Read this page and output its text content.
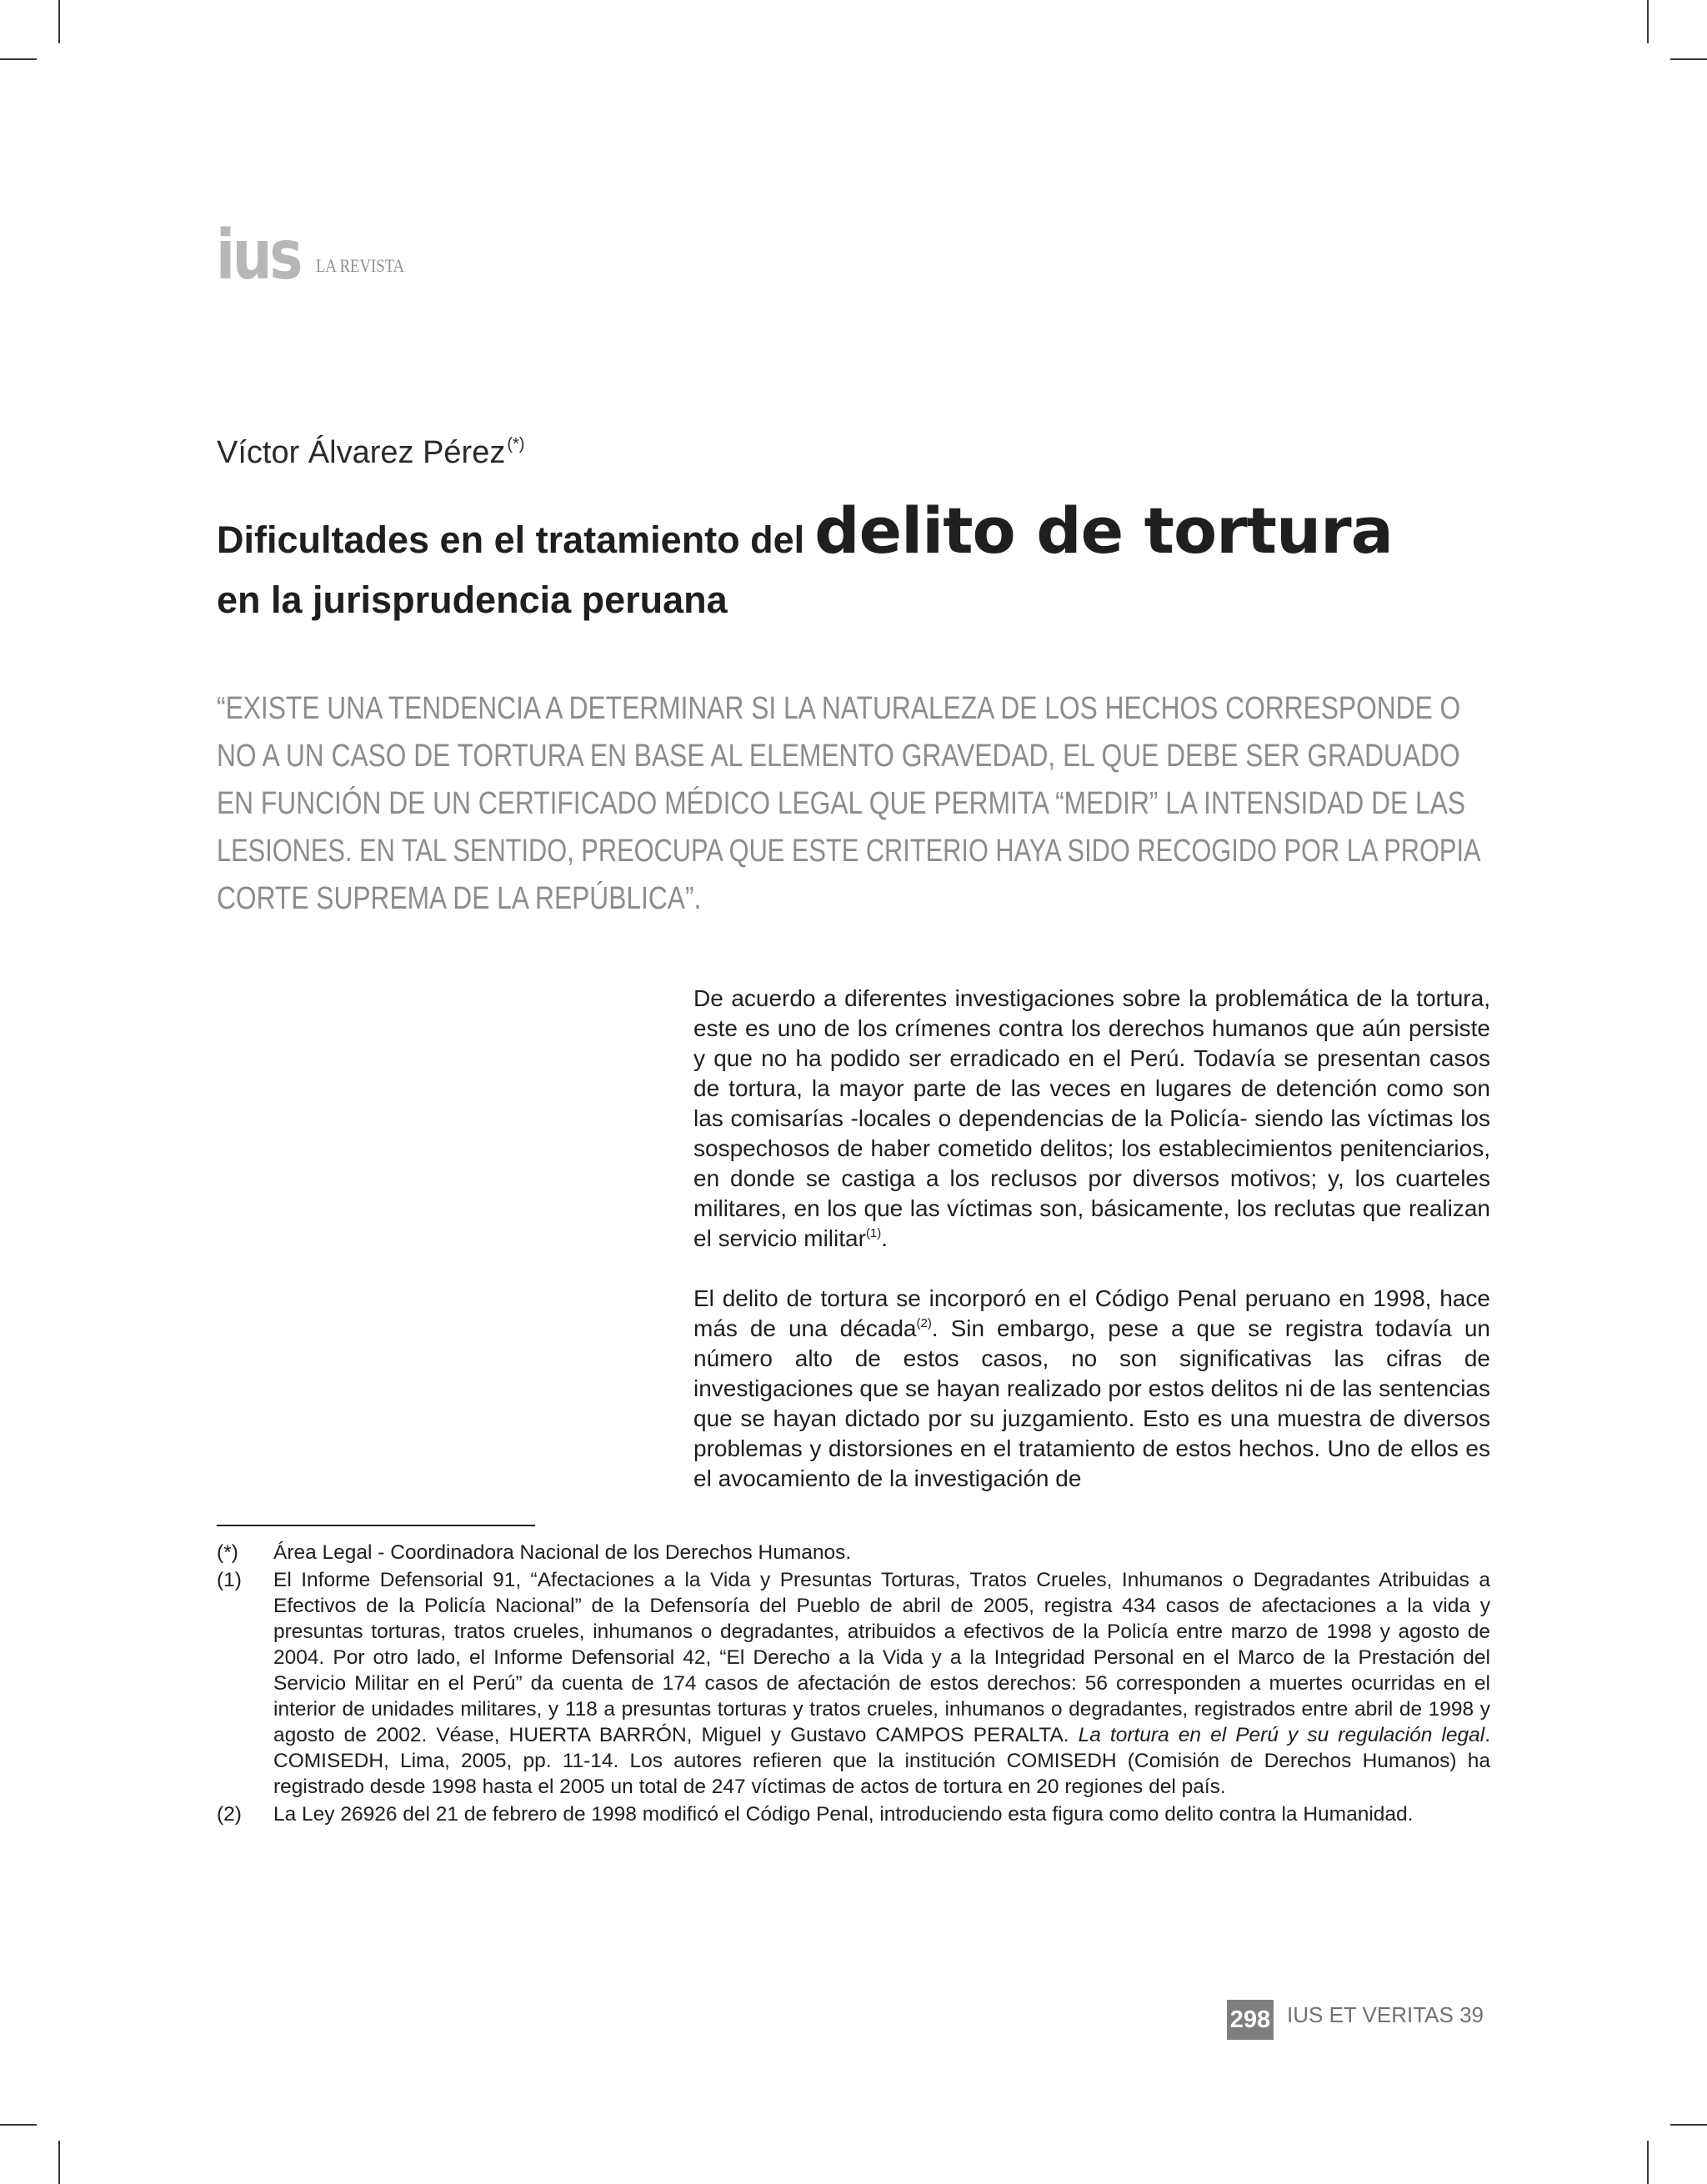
ius LA REVISTA
Víctor Álvarez Pérez (*)
Dificultades en el tratamiento del delito de tortura
en la jurisprudencia peruana
“EXISTE UNA TENDENCIA A DETERMINAR SI LA NATURALEZA DE LOS HECHOS CORRESPONDE O
NO A UN CASO DE TORTURA EN BASE AL ELEMENTO GRAVEDAD, EL QUE DEBE SER GRADUADO
EN FUNCIÓN DE UN CERTIFICADO MÉDICO LEGAL QUE PERMITA “MEDIR” LA INTENSIDAD DE LAS
LESIONES. EN TAL SENTIDO, PREOCUPA QUE ESTE CRITERIO HAYA SIDO RECOGIDO POR LA PROPIA
CORTE SUPREMA DE LA REPÚBLICA”.

De acuerdo a diferentes investigaciones sobre la problemática de la tortura, este es uno de los crímenes contra los derechos humanos que aún persiste y que no ha podido ser erradicado en el Perú. Todavía se presentan casos de tortura, la mayor parte de las veces en lugares de detención como son las comisarías -locales o dependencias de la Policía- siendo las víctimas los sospechosos de haber cometido delitos; los establecimientos penitenciarios, en donde se castiga a los reclusos por diversos motivos; y, los cuarteles militares, en los que las víctimas son, básicamente, los reclutas que realizan el servicio militar$^{(1)}$.

El delito de tortura se incorporó en el Código Penal peruano en 1998, hace más de una década$^{(2)}$. Sin embargo, pese a que se registra todavía un número alto de estos casos, no son significativas las cifras de investigaciones que se hayan realizado por estos delitos ni de las sentencias que se hayan dictado por su juzgamiento. Esto es una muestra de diversos problemas y distorsiones en el tratamiento de estos hechos. Uno de ellos es el avocamiento de la investigación de

(*) Área Legal - Coordinadora Nacional de los Derechos Humanos.
(1) El Informe Defensorial 91, “Afectaciones a la Vida y Presuntas Torturas, Tratos Crueles, Inhumanos o Degradantes Atribuidas a Efectivos de la Policía Nacional” de la Defensoría del Pueblo de abril de 2005, registra 434 casos de afectaciones a la vida y presuntas torturas, tratos crueles, inhumanos o degradantes, atribuidos a efectivos de la Policía entre marzo de 1998 y agosto de 2004. Por otro lado, el Informe Defensorial 42, “El Derecho a la Vida y a la Integridad Personal en el Marco de la Prestación del Servicio Militar en el Perú” da cuenta de 174 casos de afectación de estos derechos: 56 corresponden a muertes ocurridas en el interior de unidades militares, y 118 a presuntas torturas y tratos crueles, inhumanos o degradantes, registrados entre abril de 1998 y agosto de 2002. Véase, HUERTA BARRÓN, Miguel y Gustavo CAMPOS PERALTA. La tortura en el Perú y su regulación legal. COMISEDH, Lima, 2005, pp. 11-14. Los autores refieren que la institución COMISEDH (Comisión de Derechos Humanos) ha registrado desde 1998 hasta el 2005 un total de 247 víctimas de actos de tortura en 20 regiones del país.
(2) La Ley 26926 del 21 de febrero de 1998 modificó el Código Penal, introduciendo esta figura como delito contra la Humanidad.
298 IUS ET VERITAS 39
